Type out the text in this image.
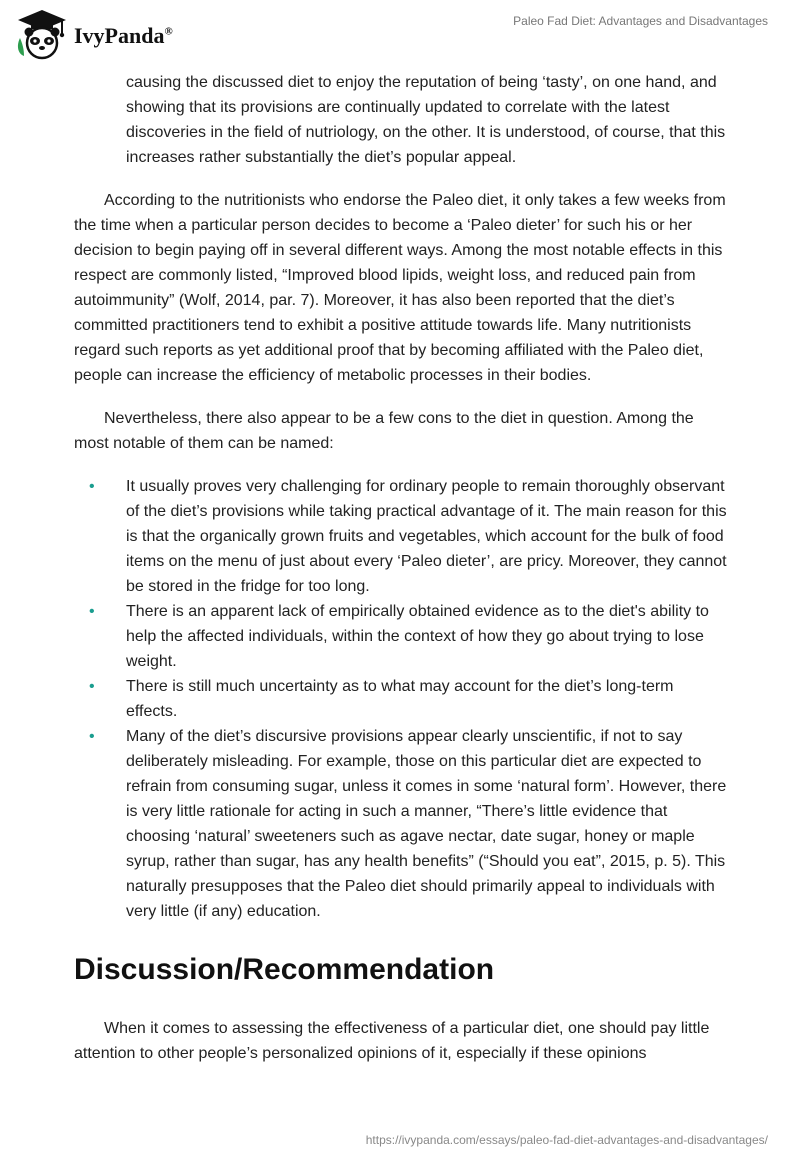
IvyPanda®
Paleo Fad Diet: Advantages and Disadvantages

causing the discussed diet to enjoy the reputation of being ‘tasty’, on one hand, and showing that its provisions are continually updated to correlate with the latest discoveries in the field of nutriology, on the other. It is understood, of course, that this increases rather substantially the diet’s popular appeal.

According to the nutritionists who endorse the Paleo diet, it only takes a few weeks from the time when a particular person decides to become a ‘Paleo dieter’ for such his or her decision to begin paying off in several different ways. Among the most notable effects in this respect are commonly listed, “Improved blood lipids, weight loss, and reduced pain from autoimmunity” (Wolf, 2014, par. 7). Moreover, it has also been reported that the diet’s committed practitioners tend to exhibit a positive attitude towards life. Many nutritionists regard such reports as yet additional proof that by becoming affiliated with the Paleo diet, people can increase the efficiency of metabolic processes in their bodies.

Nevertheless, there also appear to be a few cons to the diet in question. Among the most notable of them can be named:

• It usually proves very challenging for ordinary people to remain thoroughly observant of the diet’s provisions while taking practical advantage of it. The main reason for this is that the organically grown fruits and vegetables, which account for the bulk of food items on the menu of just about every ‘Paleo dieter’, are pricy. Moreover, they cannot be stored in the fridge for too long.
• There is an apparent lack of empirically obtained evidence as to the diet's ability to help the affected individuals, within the context of how they go about trying to lose weight.
• There is still much uncertainty as to what may account for the diet’s long-term effects.
• Many of the diet’s discursive provisions appear clearly unscientific, if not to say deliberately misleading. For example, those on this particular diet are expected to refrain from consuming sugar, unless it comes in some ‘natural form’. However, there is very little rationale for acting in such a manner, “There’s little evidence that choosing ‘natural’ sweeteners such as agave nectar, date sugar, honey or maple syrup, rather than sugar, has any health benefits” (“Should you eat”, 2015, p. 5). This naturally presupposes that the Paleo diet should primarily appeal to individuals with very little (if any) education.
Discussion/Recommendation

When it comes to assessing the effectiveness of a particular diet, one should pay little attention to other people’s personalized opinions of it, especially if these opinions

https://ivypanda.com/essays/paleo-fad-diet-advantages-and-disadvantages/
